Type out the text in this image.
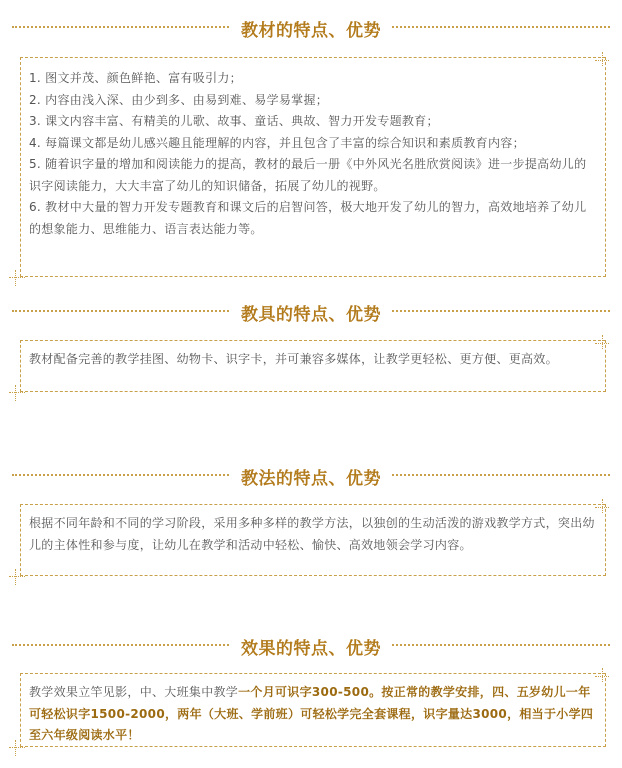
教材的特点、优势
1. 图文并茂、颜色鲜艳、富有吸引力；
2. 内容由浅入深、由少到多、由易到难、易学易掌握；
3. 课文内容丰富、有精美的儿歌、故事、童话、典故、智力开发专题教育；
4. 每篇课文都是幼儿感兴趣且能理解的内容，并且包含了丰富的综合知识和素质教育内容；
5. 随着识字量的增加和阅读能力的提高，教材的最后一册《中外风光名胜欣赏阅读》进一步提高幼儿的识字阅读能力，大大丰富了幼儿的知识储备，拓展了幼儿的视野。
6. 教材中大量的智力开发专题教育和课文后的启智问答，极大地开发了幼儿的智力，高效地培养了幼儿的想象能力、思维能力、语言表达能力等。
教具的特点、优势
教材配备完善的教学挂图、幼物卡、识字卡，并可兼容多媒体，让教学更轻松、更方便、更高效。
教法的特点、优势
根据不同年龄和不同的学习阶段，采用多种多样的教学方法，以独创的生动活泼的游戏教学方式，突出幼儿的主体性和参与度，让幼儿在教学和活动中轻松、愉快、高效地领会学习内容。
效果的特点、优势
教学效果立竿见影，中、大班集中教学一个月可识字300-500。按正常的教学安排，四、五岁幼儿一年可轻松识字1500-2000，两年（大班、学前班）可轻松学完全套课程，识字量达3000，相当于小学四至六年级阅读水平！
